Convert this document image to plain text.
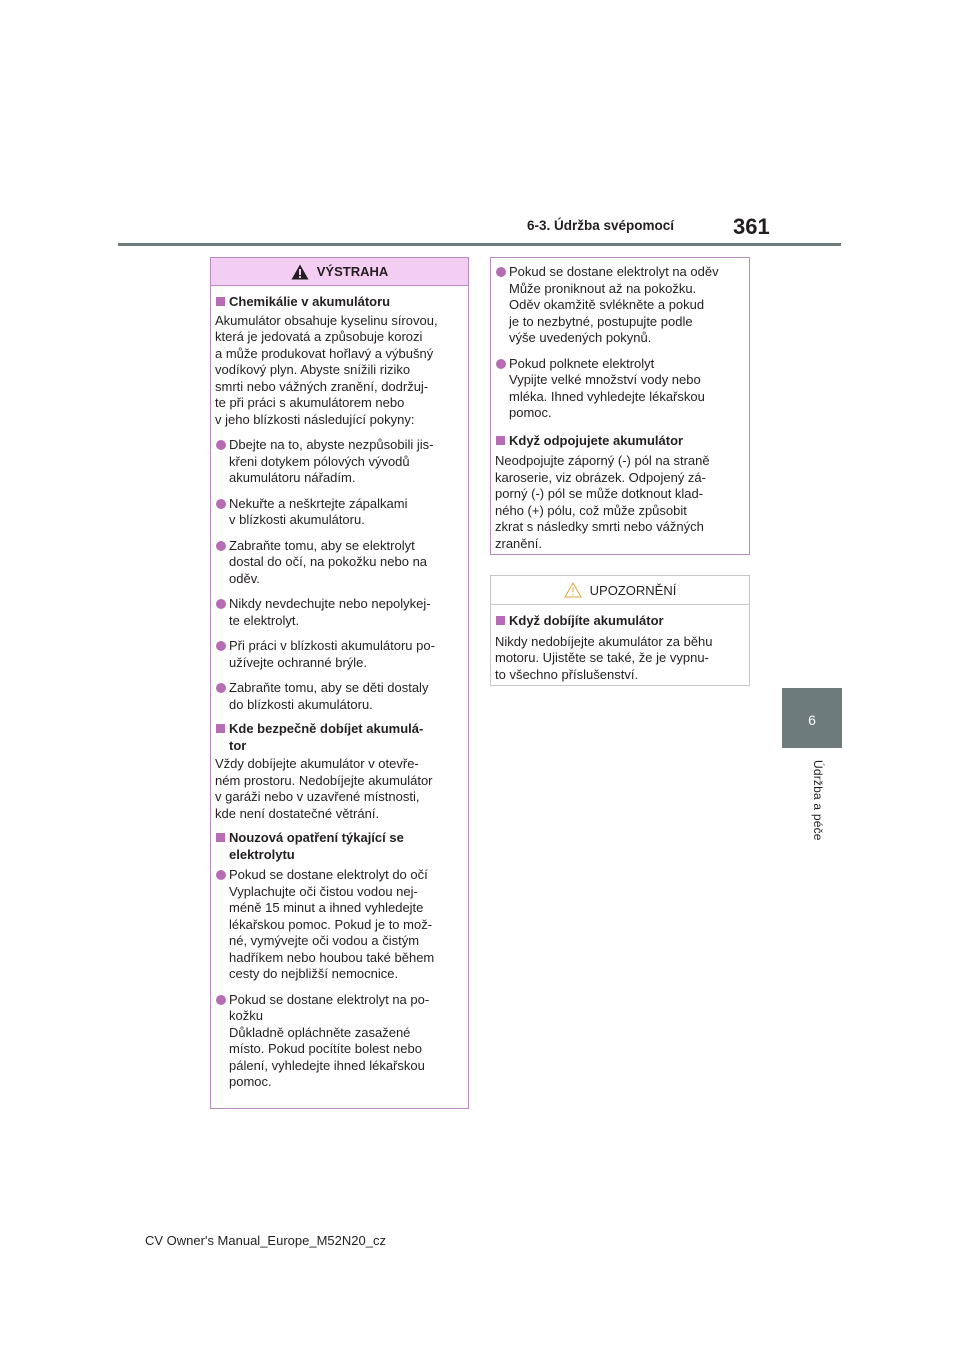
6-3. Údržba svépomocí	361
6
Údržba a péče
VÝSTRAHA

Chemikálie v akumulátoru

Akumulátor obsahuje kyselinu sírovou,
která je jedovatá a způsobuje korozi
a může produkovat hořlavý a výbušný
vodíkový plyn. Abyste snížili riziko
smrti nebo vážných zranění, dodržuj-
te při práci s akumulátorem nebo
v jeho blízkosti následující pokyny:

Dbejte na to, abyste nezpůsobili jis-
křeni dotykem pólových vývodů
akumulátoru nářadím.

Nekuřte a neškrtejte zápalkami
v blízkosti akumulátoru.

Zabraňte tomu, aby se elektrolyt
dostal do očí, na pokožku nebo na
oděv.

Nikdy nevdechujte nebo nepolykej-
te elektrolyt.

Při práci v blízkosti akumulátoru po-
užívejte ochranné brýle.

Zabraňte tomu, aby se děti dostaly
do blízkosti akumulátoru.

Kde bezpečně dobíjet akumulá-
tor

Vždy dobíjejte akumulátor v otevře-
ném prostoru. Nedobíjejte akumulátor
v garáži nebo v uzavřené místnosti,
kde není dostatečné větrání.

Nouzová opatření týkající se
elektrolytu

Pokud se dostane elektrolyt do očí
Vyplachujte oči čistou vodou nej-
méně 15 minut a ihned vyhledejte
lékařskou pomoc. Pokud je to mož-
né, vymývejte oči vodou a čistým
hadříkem nebo houbou také během
cesty do nejbližší nemocnice.

Pokud se dostane elektrolyt na po-
kožku
Důkladně opláchněte zasažené
místo. Pokud pocítíte bolest nebo
pálení, vyhledejte ihned lékařskou
pomoc.

Pokud se dostane elektrolyt na oděv
Může proniknout až na pokožku.
Oděv okamžitě svlékněte a pokud
je to nezbytné, postupujte podle
výše uvedených pokynů.

Pokud polknete elektrolyt
Vypijte velké množství vody nebo
mléka. Ihned vyhledejte lékařskou
pomoc.

Když odpojujete akumulátor

Neodpojujte záporný (-) pól na straně
karoserie, viz obrázek. Odpojený zá-
porný (-) pól se může dotknout klad-
ného (+) pólu, což může způsobit
zkrat s následky smrti nebo vážných
zranění.

UPOZORNĚNÍ

Když dobíjíte akumulátor

Nikdy nedobíjejte akumulátor za běhu
motoru. Ujistěte se také, že je vypnu-
to všechno příslušenství.

CV Owner's Manual_Europe_M52N20_cz
